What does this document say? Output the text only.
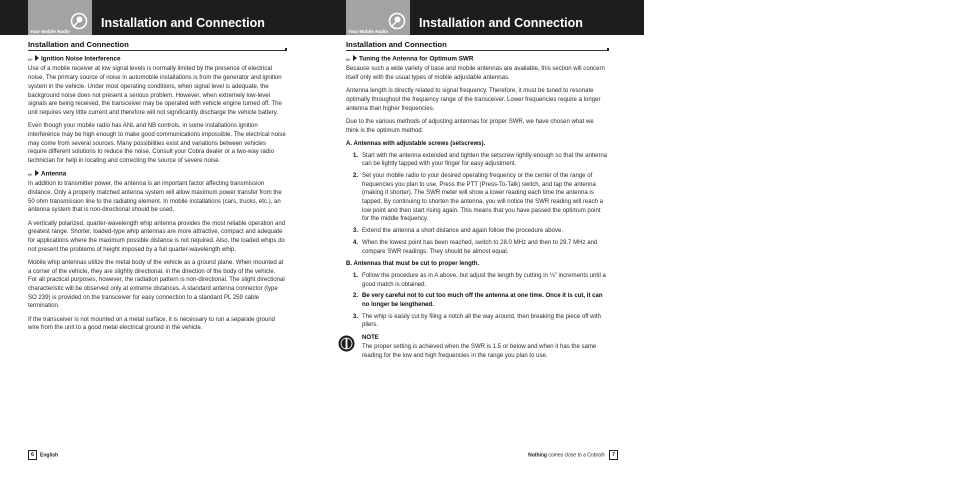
Your Mobile Radio
Installation and Connection
Installation and Connection
▸▸ Ignition Noise Interference

Use of a mobile receiver at low signal levels is normally limited by the presence of electrical noise. The primary source of noise in automobile installations is from the generator and ignition system in the vehicle. Under most operating conditions, when signal level is adequate, the background noise does not present a serious problem. However, when extremely low-level signals are being received, the transceiver may be operated with vehicle engine turned off. The unit requires very little current and therefore will not significantly discharge the vehicle battery.

Even though your mobile radio has ANL and NB controls, in some installations ignition interference may be high enough to make good communications impossible. The electrical noise may come from several sources. Many possibilities exist and variations between vehicles require different solutions to reduce the noise. Consult your Cobra dealer or a two-way radio technician for help in locating and correcting the source of severe noise.

▸▸ Antenna

In addition to transmitter power, the antenna is an important factor affecting transmission distance. Only a properly matched antenna system will allow maximum power transfer from the 50 ohm transmission line to the radiating element. In mobile installations (cars, trucks, etc.), an antenna system that is non-directional should be used.

A vertically polarized, quarter-wavelength whip antenna provides the most reliable operation and greatest range. Shorter, loaded-type whip antennas are more attractive, compact and adequate for applications where the maximum possible distance is not required. Also, the loaded whips do not present the problems of height imposed by a full quarter-wavelength whip.

Mobile whip antennas utilize the metal body of the vehicle as a ground plane. When mounted at a corner of the vehicle, they are slightly directional, in the direction of the body of the vehicle. For all practical purposes, however, the radiation pattern is non-directional. The slight directional characteristic will be observed only at extreme distances. A standard antenna connector (type SO 239) is provided on the transceiver for easy connection to a standard PL 259 cable termination.

If the transceiver is not mounted on a metal surface, it is necessary to run a separate ground wire from the unit to a good metal electrical ground in the vehicle.

6 English
Your Mobile Radio
Installation and Connection
Installation and Connection
▸▸ Tuning the Antenna for Optimum SWR

Because such a wide variety of base and mobile antennas are available, this section will concern itself only with the usual types of mobile adjustable antennas.

Antenna length is directly related to signal frequency. Therefore, it must be tuned to resonate optimally throughout the frequency range of the transceiver. Lower frequencies require a longer antenna than higher frequencies.

Due to the various methods of adjusting antennas for proper SWR, we have chosen what we think is the optimum method:

A. Antennas with adjustable screws (setscrews).

1. Start with the antenna extended and tighten the setscrew lightly enough so that the antenna can be lightly tapped with your finger for easy adjustment.
2. Set your mobile radio to your desired operating frequency or the center of the range of frequencies you plan to use. Press the PTT (Press-To-Talk) switch, and tap the antenna (making it shorter). The SWR meter will show a lower reading each time the antenna is tapped. By continuing to shorten the antenna, you will notice the SWR reading will reach a low point and then start rising again. This means that you have passed the optimum point for the middle frequency.
3. Extend the antenna a short distance and again follow the procedure above.
4. When the lowest point has been reached, switch to 28.0 MHz and then to 29.7 MHz and compare SWR readings. They should be almost equal.

B. Antennas that must be cut to proper length.

1. Follow the procedure as in A above, but adjust the length by cutting in ⅛" increments until a good match is obtained.
2. Be very careful not to cut too much off the antenna at one time. Once it is cut, it can no longer be lengthened.
3. The whip is easily cut by filing a notch all the way around, then breaking the piece off with pliers.
NOTE
The proper setting is achieved when the SWR is 1.5 or below and when it has the same reading for the low and high frequencies in the range you plan to use.
Nothing comes close to a Cobra® 7
